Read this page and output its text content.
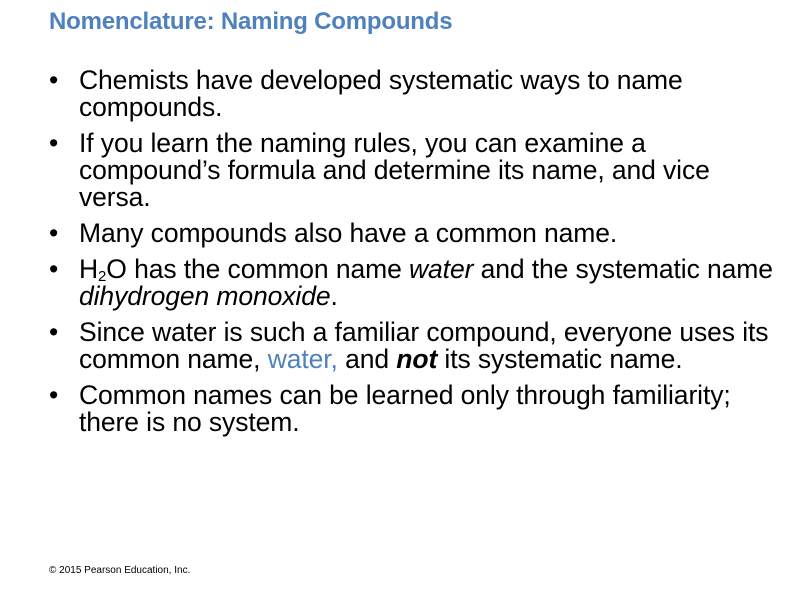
Nomenclature: Naming Compounds
• Chemists have developed systematic ways to name compounds.
• If you learn the naming rules, you can examine a compound’s formula and determine its name, and vice versa.
• Many compounds also have a common name.
• $H_2O$ has the common name water and the systematic name dihydrogen monoxide.
• Since water is such a familiar compound, everyone uses its common name, water, and not its systematic name.
• Common names can be learned only through familiarity; there is no system.

© 2015 Pearson Education, Inc.
